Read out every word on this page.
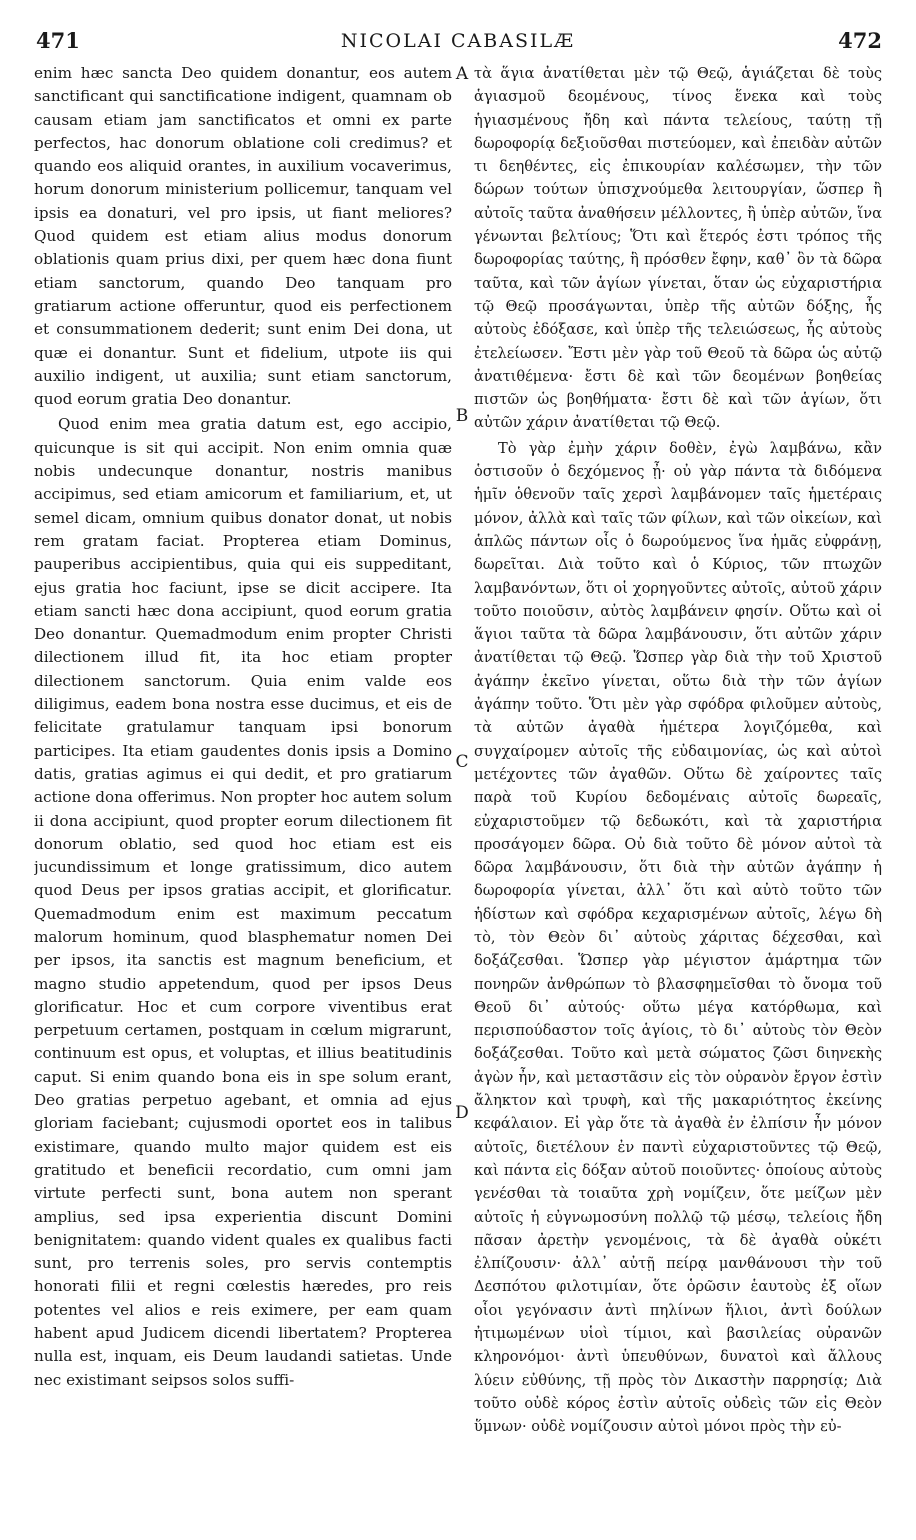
471	NICOLAI CABASILÆ	472

enim hæc sancta Deo quidem donantur, eos autem sanctificant qui sanctificatione indigent, quamnam ob causam etiam jam sanctificatos et omni ex parte perfectos, hac donorum oblatione coli credimus? et quando eos aliquid orantes, in auxilium vocaverimus, horum donorum ministerium pollicemur, tanquam vel ipsis ea donaturi, vel pro ipsis, ut fiant meliores? Quod quidem est etiam alius modus donorum oblationis quam prius dixi, per quem hæc dona fiunt etiam sanctorum, quando Deo tanquam pro gratiarum actione offeruntur, quod eis perfectionem et consummationem dederit; sunt enim Dei dona, ut quæ ei donantur. Sunt et fidelium, utpote iis qui auxilio indigent, ut auxilia; sunt etiam sanctorum, quod eorum gratia Deo donantur.

Quod enim mea gratia datum est, ego accipio, quicunque is sit qui accipit. Non enim omnia quæ nobis undecunque donantur, nostris manibus accipimus, sed etiam amicorum et familiarium, et, ut semel dicam, omnium quibus donator donat, ut nobis rem gratam faciat. Propterea etiam Dominus, pauperibus accipientibus, quia qui eis suppeditant, ejus gratia hoc faciunt, ipse se dicit accipere. Ita etiam sancti hæc dona accipiunt, quod eorum gratia Deo donantur. Quemadmodum enim propter Christi dilectionem illud fit, ita hoc etiam propter dilectionem sanctorum. Quia enim valde eos diligimus, eadem bona nostra esse ducimus, et eis de felicitate gratulamur tanquam ipsi bonorum participes. Ita etiam gaudentes donis ipsis a Domino datis, gratias agimus ei qui dedit, et pro gratiarum actione dona offerimus. Non propter hoc autem solum ii dona accipiunt, quod propter eorum dilectionem fit donorum oblatio, sed quod hoc etiam est eis jucundissimum et longe gratissimum, dico autem quod Deus per ipsos gratias accipit, et glorificatur. Quemadmodum enim est maximum peccatum malorum hominum, quod blasphematur nomen Dei per ipsos, ita sanctis est magnum beneficium, et magno studio appetendum, quod per ipsos Deus glorificatur. Hoc et cum corpore viventibus erat perpetuum certamen, postquam in cœlum migrarunt, continuum est opus, et voluptas, et illius beatitudinis caput. Si enim quando bona eis in spe solum erant, Deo gratias perpetuo agebant, et omnia ad ejus gloriam faciebant; cujusmodi oportet eos in talibus existimare, quando multo major quidem est eis gratitudo et beneficii recordatio, cum omni jam virtute perfecti sunt, bona autem non sperant amplius, sed ipsa experientia discunt Domini benignitatem: quando vident quales ex qualibus facti sunt, pro terrenis soles, pro servis contemptis honorati filii et regni cœlestis hæredes, pro reis potentes vel alios e reis eximere, per eam quam habent apud Judicem dicendi libertatem? Propterea nulla est, inquam, eis Deum laudandi satietas. Unde nec existimant seipsos solos suffi-

A
B
C
D

τὰ ἅγια ἀνατίθεται μὲν τῷ Θεῷ, ἁγιάζεται δὲ τοὺς ἁγιασμοῦ δεομένους, τίνος ἕνεκα καὶ τοὺς ἡγιασμένους ἤδη καὶ πάντα τελείους, ταύτῃ τῇ δωροφορίᾳ δεξιοῦσθαι πιστεύομεν, καὶ ἐπειδὰν αὐτῶν τι δεηθέντες, εἰς ἐπικουρίαν καλέσωμεν, τὴν τῶν δώρων τούτων ὑπισχνούμεθα λειτουργίαν, ὥσπερ ἢ αὐτοῖς ταῦτα ἀναθήσειν μέλλοντες, ἢ ὑπὲρ αὐτῶν, ἵνα γένωνται βελτίους; Ὅτι καὶ ἕτερός ἐστι τρόπος τῆς δωροφορίας ταύτης, ἣ πρόσθεν ἔφην, καθ᾽ ὃν τὰ δῶρα ταῦτα, καὶ τῶν ἁγίων γίνεται, ὅταν ὡς εὐχαριστήρια τῷ Θεῷ προσάγωνται, ὑπὲρ τῆς αὐτῶν δόξης, ἧς αὐτοὺς ἐδόξασε, καὶ ὑπὲρ τῆς τελειώσεως, ἧς αὐτοὺς ἐτελείωσεν. Ἔστι μὲν γὰρ τοῦ Θεοῦ τὰ δῶρα ὡς αὐτῷ ἀνατιθέμενα· ἔστι δὲ καὶ τῶν δεομένων βοηθείας πιστῶν ὡς βοηθήματα· ἔστι δὲ καὶ τῶν ἁγίων, ὅτι αὐτῶν χάριν ἀνατίθεται τῷ Θεῷ.

Τὸ γὰρ ἐμὴν χάριν δοθὲν, ἐγὼ λαμβάνω, κἂν ὁστισοῦν ὁ δεχόμενος ᾖ· οὐ γὰρ πάντα τὰ διδόμενα ἡμῖν ὁθενοῦν ταῖς χερσὶ λαμβάνομεν ταῖς ἡμετέραις μόνον, ἀλλὰ καὶ ταῖς τῶν φίλων, καὶ τῶν οἰκείων, καὶ ἁπλῶς πάντων οἷς ὁ δωρούμενος ἵνα ἡμᾶς εὐφράνῃ, δωρεῖται. Διὰ τοῦτο καὶ ὁ Κύριος, τῶν πτωχῶν λαμβανόντων, ὅτι οἱ χορηγοῦντες αὐτοῖς, αὐτοῦ χάριν τοῦτο ποιοῦσιν, αὐτὸς λαμβάνειν φησίν. Οὕτω καὶ οἱ ἅγιοι ταῦτα τὰ δῶρα λαμβάνουσιν, ὅτι αὐτῶν χάριν ἀνατίθεται τῷ Θεῷ. Ὥσπερ γὰρ διὰ τὴν τοῦ Χριστοῦ ἀγάπην ἐκεῖνο γίνεται, οὕτω διὰ τὴν τῶν ἁγίων ἀγάπην τοῦτο. Ὅτι μὲν γὰρ σφόδρα φιλοῦμεν αὐτοὺς, τὰ αὐτῶν ἀγαθὰ ἡμέτερα λογιζόμεθα, καὶ συγχαίρομεν αὐτοῖς τῆς εὐδαιμονίας, ὡς καὶ αὐτοὶ μετέχοντες τῶν ἀγαθῶν. Οὕτω δὲ χαίροντες ταῖς παρὰ τοῦ Κυρίου δεδομέναις αὐτοῖς δωρεαῖς, εὐχαριστοῦμεν τῷ δεδωκότι, καὶ τὰ χαριστήρια προσάγομεν δῶρα. Οὐ διὰ τοῦτο δὲ μόνον αὐτοὶ τὰ δῶρα λαμβάνουσιν, ὅτι διὰ τὴν αὐτῶν ἀγάπην ἡ δωροφορία γίνεται, ἀλλ᾽ ὅτι καὶ αὐτὸ τοῦτο τῶν ἡδίστων καὶ σφόδρα κεχαρισμένων αὐτοῖς, λέγω δὴ τὸ, τὸν Θεὸν δι᾽ αὐτοὺς χάριτας δέχεσθαι, καὶ δοξάζεσθαι. Ὥσπερ γὰρ μέγιστον ἁμάρτημα τῶν πονηρῶν ἀνθρώπων τὸ βλασφημεῖσθαι τὸ ὄνομα τοῦ Θεοῦ δι᾽ αὐτούς· οὕτω μέγα κατόρθωμα, καὶ περισπούδαστον τοῖς ἁγίοις, τὸ δι᾽ αὐτοὺς τὸν Θεὸν δοξάζεσθαι. Τοῦτο καὶ μετὰ σώματος ζῶσι διηνεκὴς ἀγὼν ἦν, καὶ μεταστᾶσιν εἰς τὸν οὐρανὸν ἔργον ἐστὶν ἄληκτον καὶ τρυφὴ, καὶ τῆς μακαριότητος ἐκείνης κεφάλαιον. Εἰ γὰρ ὅτε τὰ ἀγαθὰ ἐν ἐλπίσιν ἦν μόνον αὐτοῖς, διετέλουν ἐν παντὶ εὐχαριστοῦντες τῷ Θεῷ, καὶ πάντα εἰς δόξαν αὐτοῦ ποιοῦντες· ὁποίους αὐτοὺς γενέσθαι τὰ τοιαῦτα χρὴ νομίζειν, ὅτε μείζων μὲν αὐτοῖς ἡ εὐγνωμοσύνη πολλῷ τῷ μέσῳ, τελείοις ἤδη πᾶσαν ἀρετὴν γενομένοις, τὰ δὲ ἀγαθὰ οὐκέτι ἐλπίζουσιν· ἀλλ᾽ αὐτῇ πείρᾳ μανθάνουσι τὴν τοῦ Δεσπότου φιλοτιμίαν, ὅτε ὁρῶσιν ἑαυτοὺς ἐξ οἵων οἷοι γεγόνασιν ἀντὶ πηλίνων ἥλιοι, ἀντὶ δούλων ἠτιμωμένων υἱοὶ τίμιοι, καὶ βασιλείας οὐρανῶν κληρονόμοι· ἀντὶ ὑπευθύνων, δυνατοὶ καὶ ἄλλους λύειν εὐθύνης, τῇ πρὸς τὸν Δικαστὴν παρρησίᾳ; Διὰ τοῦτο οὐδὲ κόρος ἐστὶν αὐτοῖς οὐδεὶς τῶν εἰς Θεὸν ὕμνων· οὐδὲ νομίζουσιν αὐτοὶ μόνοι πρὸς τὴν εὐ-
